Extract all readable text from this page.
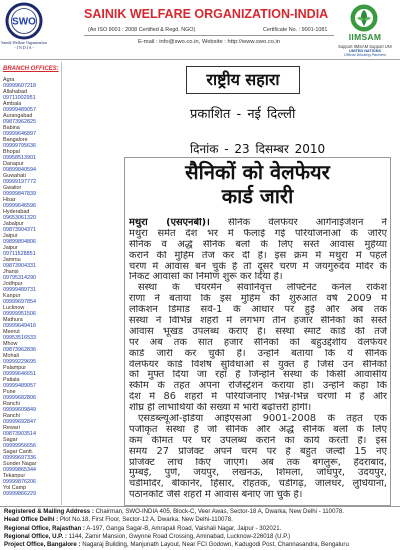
SWO
Sainik Welfare Organization
- I N D I A -
SAINIK WELFARE ORGANIZATION-INDIA
(An ISO 9001 : 2008 Certified & Regd. NGO)	Certificate No. : 9001-1081
E-mail : info@swo.co.in, Website : http://www.swo.co.in	IIMSAM
Support IIMSAM Support UN!
UNITED NATIONS
Official Working Partners
BRANCH OFFICES:
Agra
09999607218
Allahabad
09711002951
Ambala
09999489057
Aurangabad
09873962825
Babina
09999646897
Bangalore
09999795636
Bhopal
09958513901
Danapur
09899840594
Guwahati
09999197772
Gwalior
09999847839
Hisar
09999646596
Hyderabad
09653061320
Jabalpur
09873904371
Jaipur
09899804806
Jaipur
09711528851
Jammu
09873904331
Jhansi
09795314290
Jodhpur
09999489731
Kanpur
09999697854
Lucknow
09999951506
Mathura
09999649416
Meerut
09953516533
Mhow
09873962836
Mohali
09999229695
Palampur
09999646651
Patiala
09999489057
Pune
09999682806
Ranchi
09999609849
Ranchi
09999692847
Rewari
09873903514
Sagar
09999956656
Sagar Cantt.
09999697336
Sunder Nagar
09999865344
Tekanpur
09999876206
Yol Camp
09999866229
राष्ट्रीय सहारा
प्रकाशित - नई दिल्ली
दिनांक - 23 दिसम्बर 2010
सैनिकों को वेलफेयर
कार्ड जारी
मथुरा (एसएनबी)। सैनिक वेलफेयर आर्गेनाईजेशन ने
मथुरा समेत देश भर में फैलाई गई परियोजनाओं के जरिए
सैनिक व अर्द्ध सैनिक बलों के लिए सस्ते आवास मुहैय्या
कराने की मुहिम तेज कर दी है। इस क्रम में मथुरा में पहले
चरण में आवास बन चुके हैं तो दूसरे चरण में जयगुरुदेव मंदिर के
निकट आवासों का निर्माण शुरू कर दिया है।
संस्था के चेयरमैन सेवानिवृत्त लेफ्टिनेंट कर्नल राकेश
राणा ने बताया कि इस मुहिम की शुरुआत वर्ष 2009 में
लोकेशन डिमांड सर्वे-1 के आधार पर हुई और अब तक
संस्था ने विभिन्न शहरों में लगभग तीन हजार सैनिकों को सस्ते
आवास भूखंड उपलब्ध कराए हैं। संस्था स्मार्ट कार्ड की तर्ज
पर अब तक सात हजार सैनिकों को बहुउद्देशीय वेलफेयर
कार्ड जारी कर चुकी है। उन्होंने बताया कि ये सैनिक
वेलफेयर कार्ड विशेष सुविधाओं से युक्त हैं जिसे उन सैनिकों
को मुफ्त दिया जा रहा है जिन्होंने संस्था के किसी आवासीय
स्कीम के तहत अपना रजिस्ट्रेशन कराया हो। उन्होंने कहा कि
देश में 86 शहरों में परियोजनाएं भिन्न-भिन्न चरणों में हैं और
शीघ्र ही लाभार्थियों की संख्या में भारी बढ़ोत्तरी होगी।
एसडब्ल्यूओ-इंडिया आईएसओ 9001-2008 के तहत एक
पंजीकृत संस्था है जो सैनिक और अर्द्ध सैनिक बलों के लिए
कम कीमत पर घर उपलब्ध कराने का कार्य करती है। इस
समय 27 प्रोजेक्ट अपने चरम पर हैं बहुत जल्दी 15 नए
प्रोजेक्ट लांच किए जाएंगे। अब तक बंगलुरू, हैदराबाद,
मुम्बई, पुणे, जयपुर, लखनऊ, शिमला, जोधपुर, उदयपुर,
चंडीमंदिर, बीकानेर, हिसार, रोहतक, चंडीगढ़, जालंधर, लुधियाना,
पठानकोट जैसे शहरों में आवास बनाए जा चुके हैं।
Registered & Mailing Address : Chairman, SWO-INDIA 405, Block-C, Veer Awas, Sector-18 A, Dwarka, New Delhi - 110078.
Head Office Delhi : Plot No.18, First Floor, Sector-12 A, Dwarka, New Delhi-110078.
Regional Office, Rajasthan : A-197, Ganga Sagar-B, Amrapali Road, Vaishali Nagar, Jaipur - 302021.
Regional Office, U.P. : 1144, Zamir Mansion, Gwynne Road Crossing, Aminabad, Lucknow-226018 (U.P.)
Project Office, Bangalore : Nagaraj Building, Manjunath Layout, Near FCI Godown, Kadugodi Post, Channasandra, Bengaluru
